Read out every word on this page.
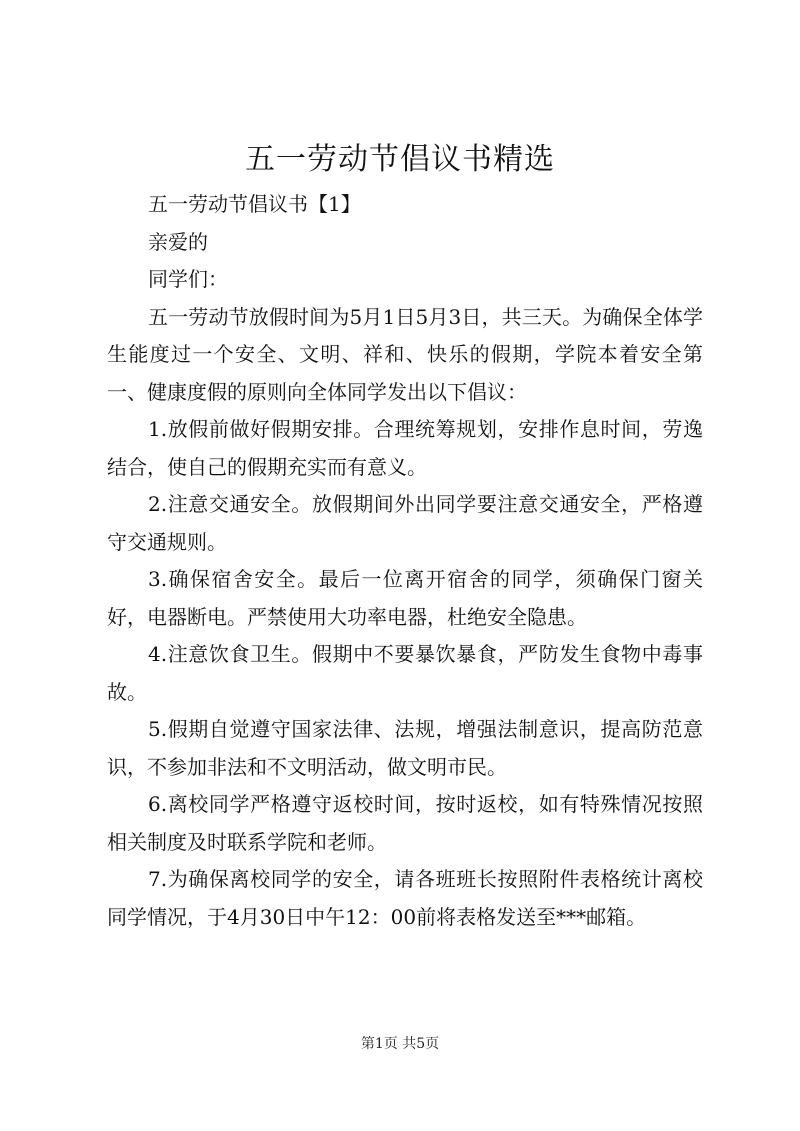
五一劳动节倡议书精选

五一劳动节倡议书【1】

亲爱的

同学们：

五一劳动节放假时间为5月1日5月3日，共三天。为确保全体学生能度过一个安全、文明、祥和、快乐的假期，学院本着安全第一、健康度假的原则向全体同学发出以下倡议：

1.放假前做好假期安排。合理统筹规划，安排作息时间，劳逸结合，使自己的假期充实而有意义。

2.注意交通安全。放假期间外出同学要注意交通安全，严格遵守交通规则。

3.确保宿舍安全。最后一位离开宿舍的同学，须确保门窗关好，电器断电。严禁使用大功率电器，杜绝安全隐患。

4.注意饮食卫生。假期中不要暴饮暴食，严防发生食物中毒事故。

5.假期自觉遵守国家法律、法规，增强法制意识，提高防范意识，不参加非法和不文明活动，做文明市民。

6.离校同学严格遵守返校时间，按时返校，如有特殊情况按照相关制度及时联系学院和老师。

7.为确保离校同学的安全，请各班班长按照附件表格统计离校同学情况，于4月30日中午12：00前将表格发送至***邮箱。

第1页 共5页
